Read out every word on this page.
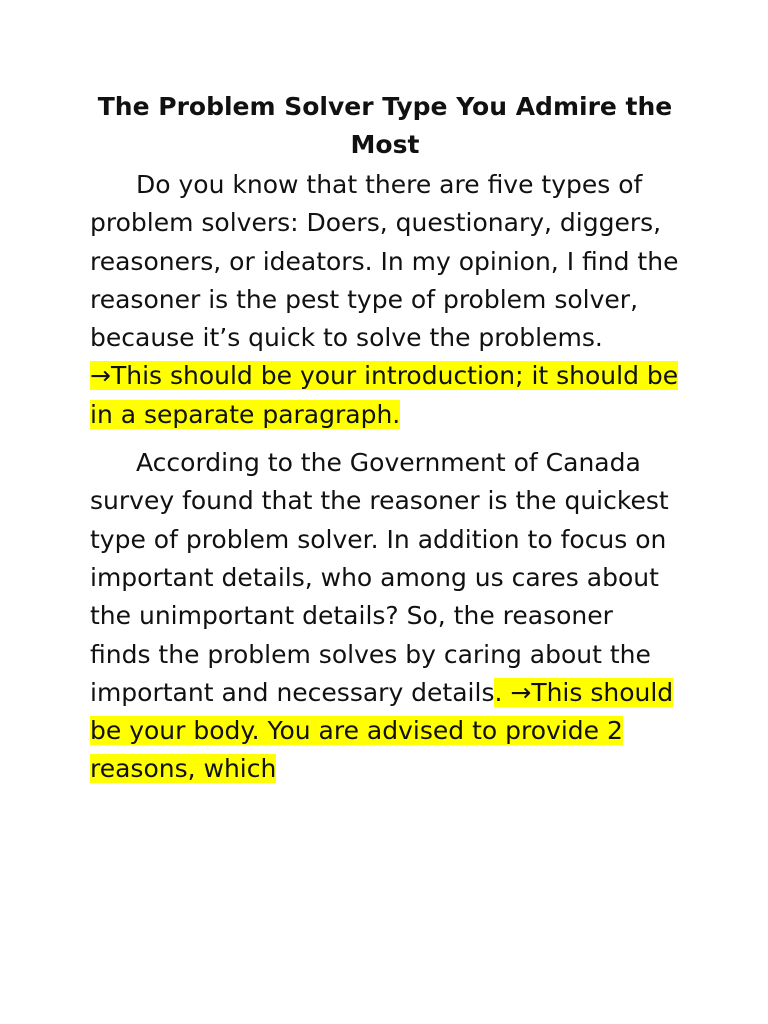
The Problem Solver Type You Admire the Most

Do you know that there are five types of problem solvers: Doers, questionary, diggers, reasoners, or ideators. In my opinion, I find the reasoner is the pest type of problem solver, because it’s quick to solve the problems. →This should be your introduction; it should be in a separate paragraph.

According to the Government of Canada survey found that the reasoner is the quickest type of problem solver. In addition to focus on important details, who among us cares about the unimportant details? So, the reasoner finds the problem solves by caring about the important and necessary details. →This should be your body. You are advised to provide 2 reasons, which
